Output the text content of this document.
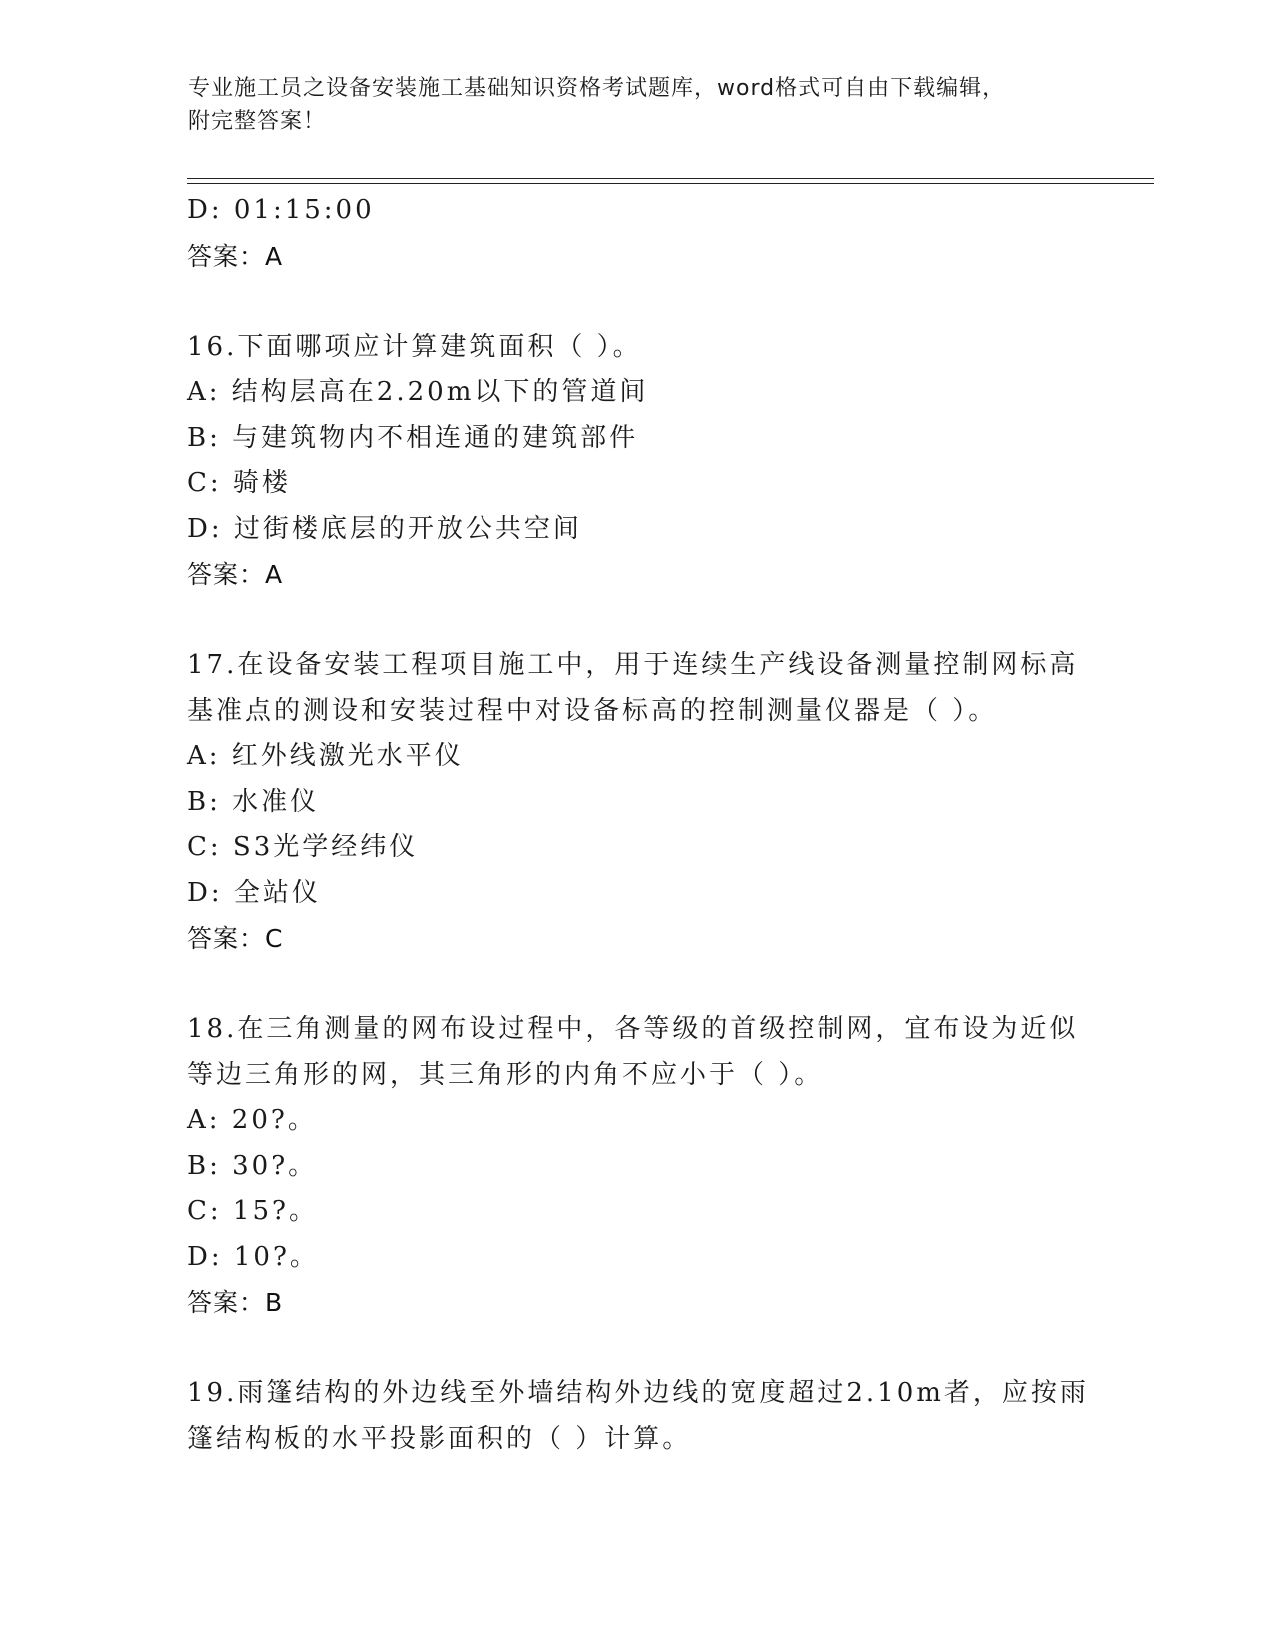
专业施工员之设备安装施工基础知识资格考试题库，word格式可自由下载编辑，
附完整答案！
D: 01:15:00
答案：A
16.下面哪项应计算建筑面积（ ）。
A: 结构层高在2.20m以下的管道间
B: 与建筑物内不相连通的建筑部件
C: 骑楼
D: 过街楼底层的开放公共空间
答案：A
17.在设备安装工程项目施工中，用于连续生产线设备测量控制网标高
基准点的测设和安装过程中对设备标高的控制测量仪器是（ ）。
A: 红外线激光水平仪
B: 水准仪
C: S3光学经纬仪
D: 全站仪
答案：C
18.在三角测量的网布设过程中，各等级的首级控制网，宜布设为近似
等边三角形的网，其三角形的内角不应小于（ ）。
A: 20?。
B: 30?。
C: 15?。
D: 10?。
答案：B
19.雨篷结构的外边线至外墙结构外边线的宽度超过2.10m者，应按雨
篷结构板的水平投影面积的（ ）计算。
